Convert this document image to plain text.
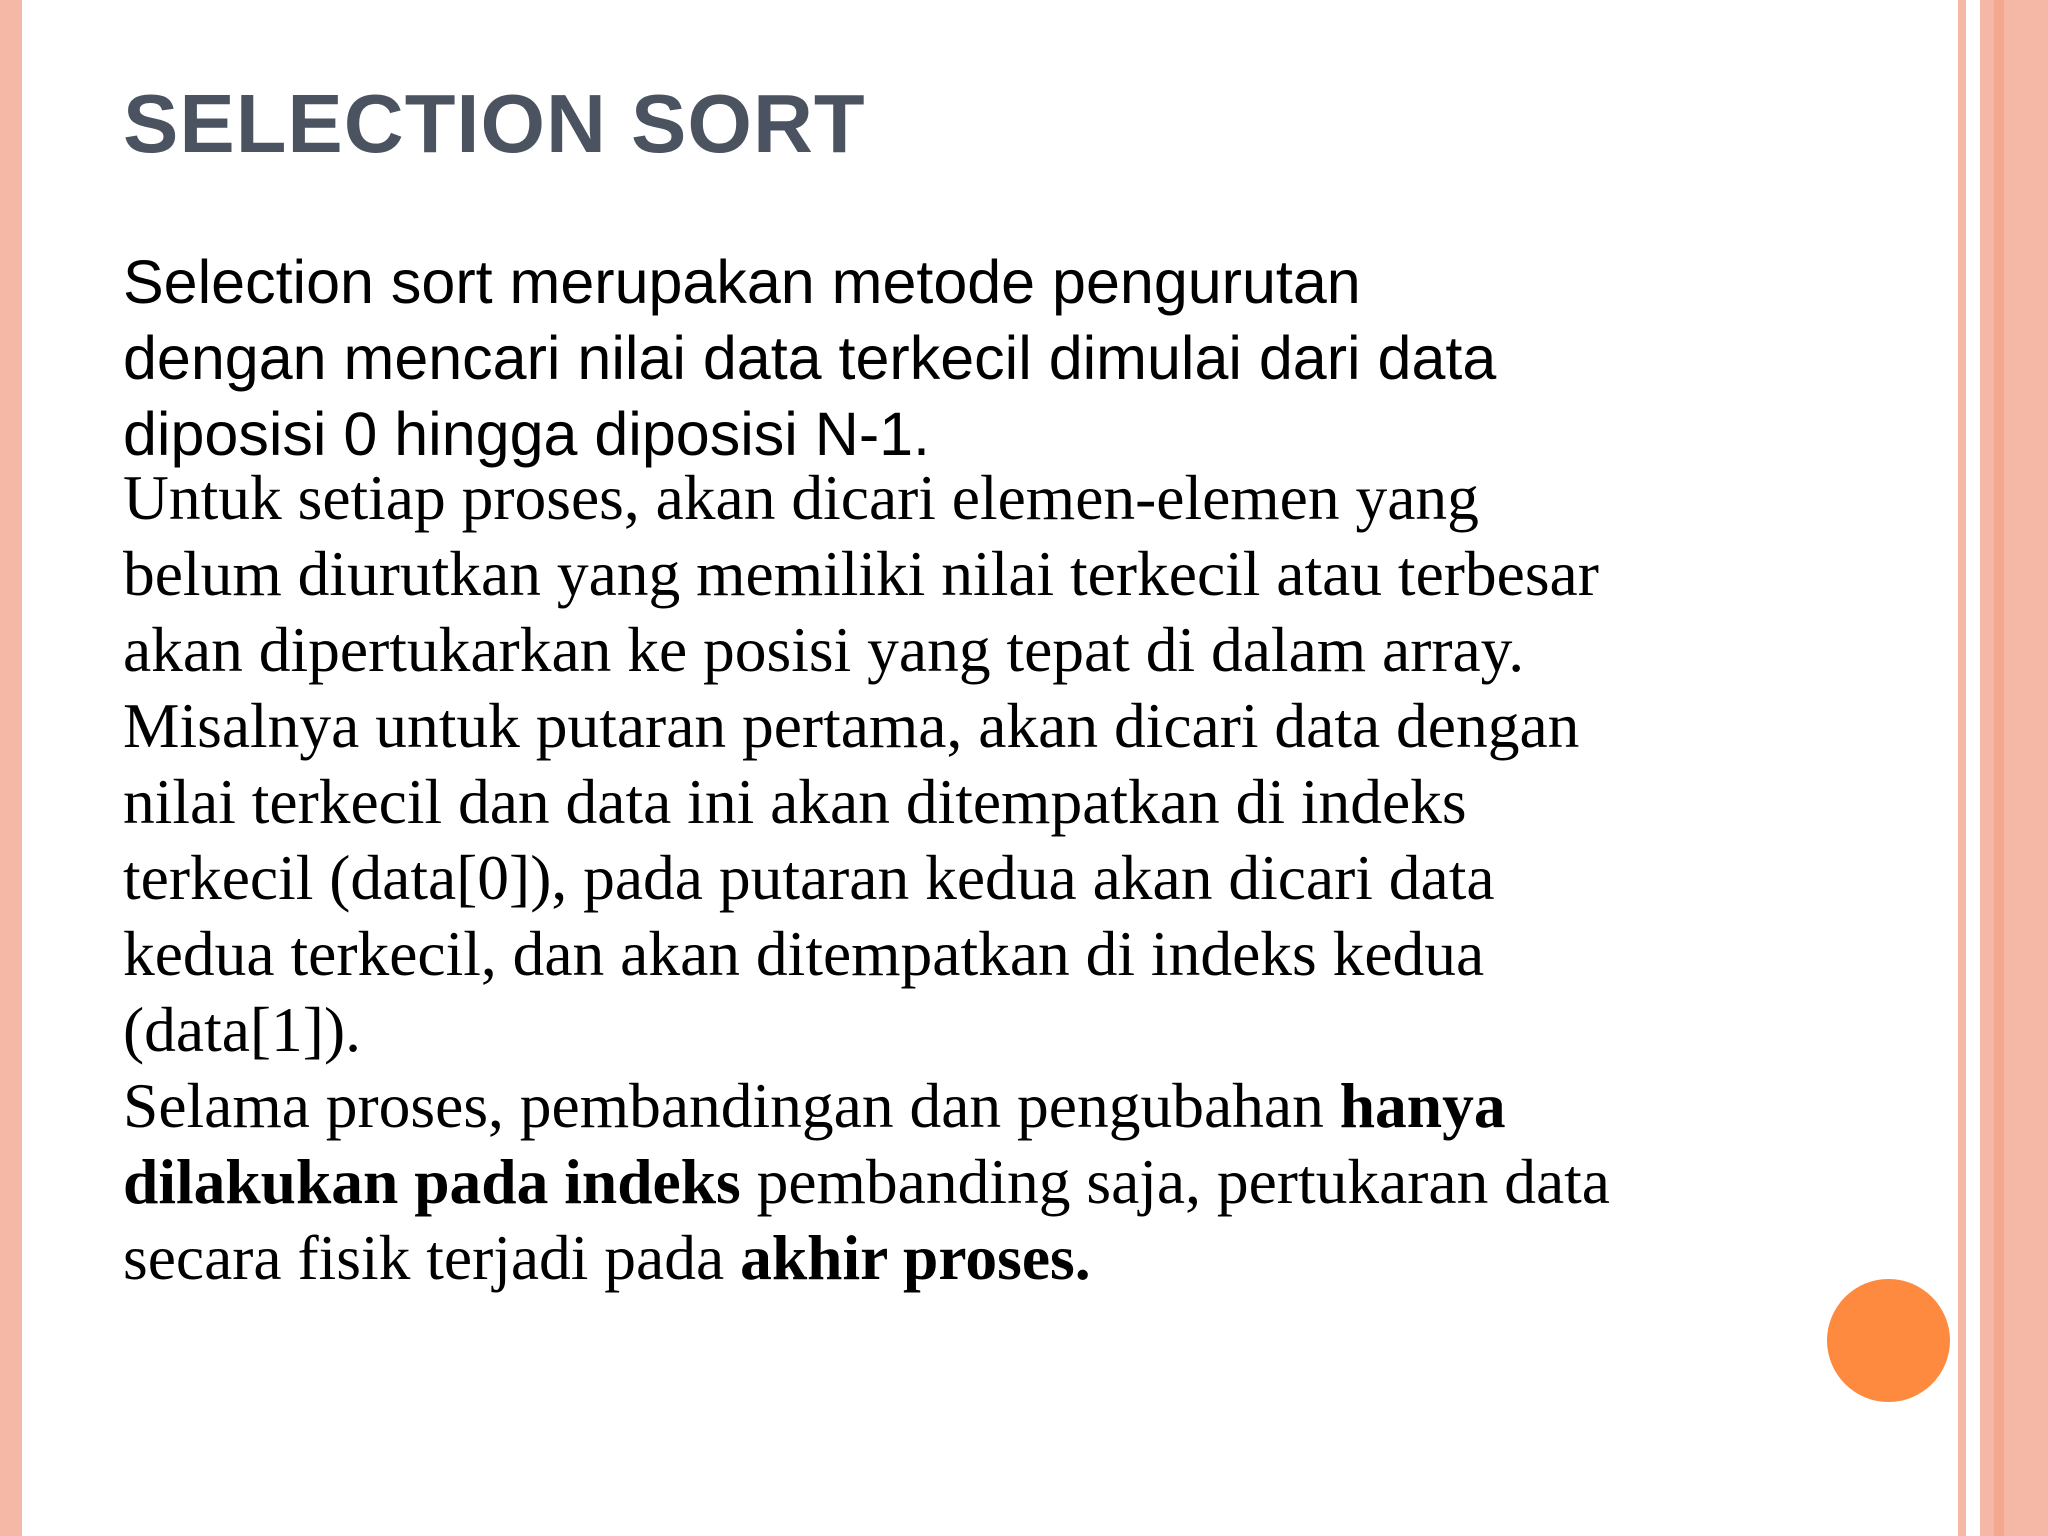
SELECTION SORT
Selection sort merupakan metode pengurutan
dengan mencari nilai data terkecil dimulai dari data
diposisi 0 hingga diposisi N-1.
Untuk setiap proses, akan dicari elemen-elemen yang
belum diurutkan yang memiliki nilai terkecil atau terbesar
akan dipertukarkan ke posisi yang tepat di dalam array.
Misalnya untuk putaran pertama, akan dicari data dengan
nilai terkecil dan data ini akan ditempatkan di indeks
terkecil (data[0]), pada putaran kedua akan dicari data
kedua terkecil, dan akan ditempatkan di indeks kedua
(data[1]).
Selama proses, pembandingan dan pengubahan hanya
dilakukan pada indeks pembanding saja, pertukaran data
secara fisik terjadi pada akhir proses.
